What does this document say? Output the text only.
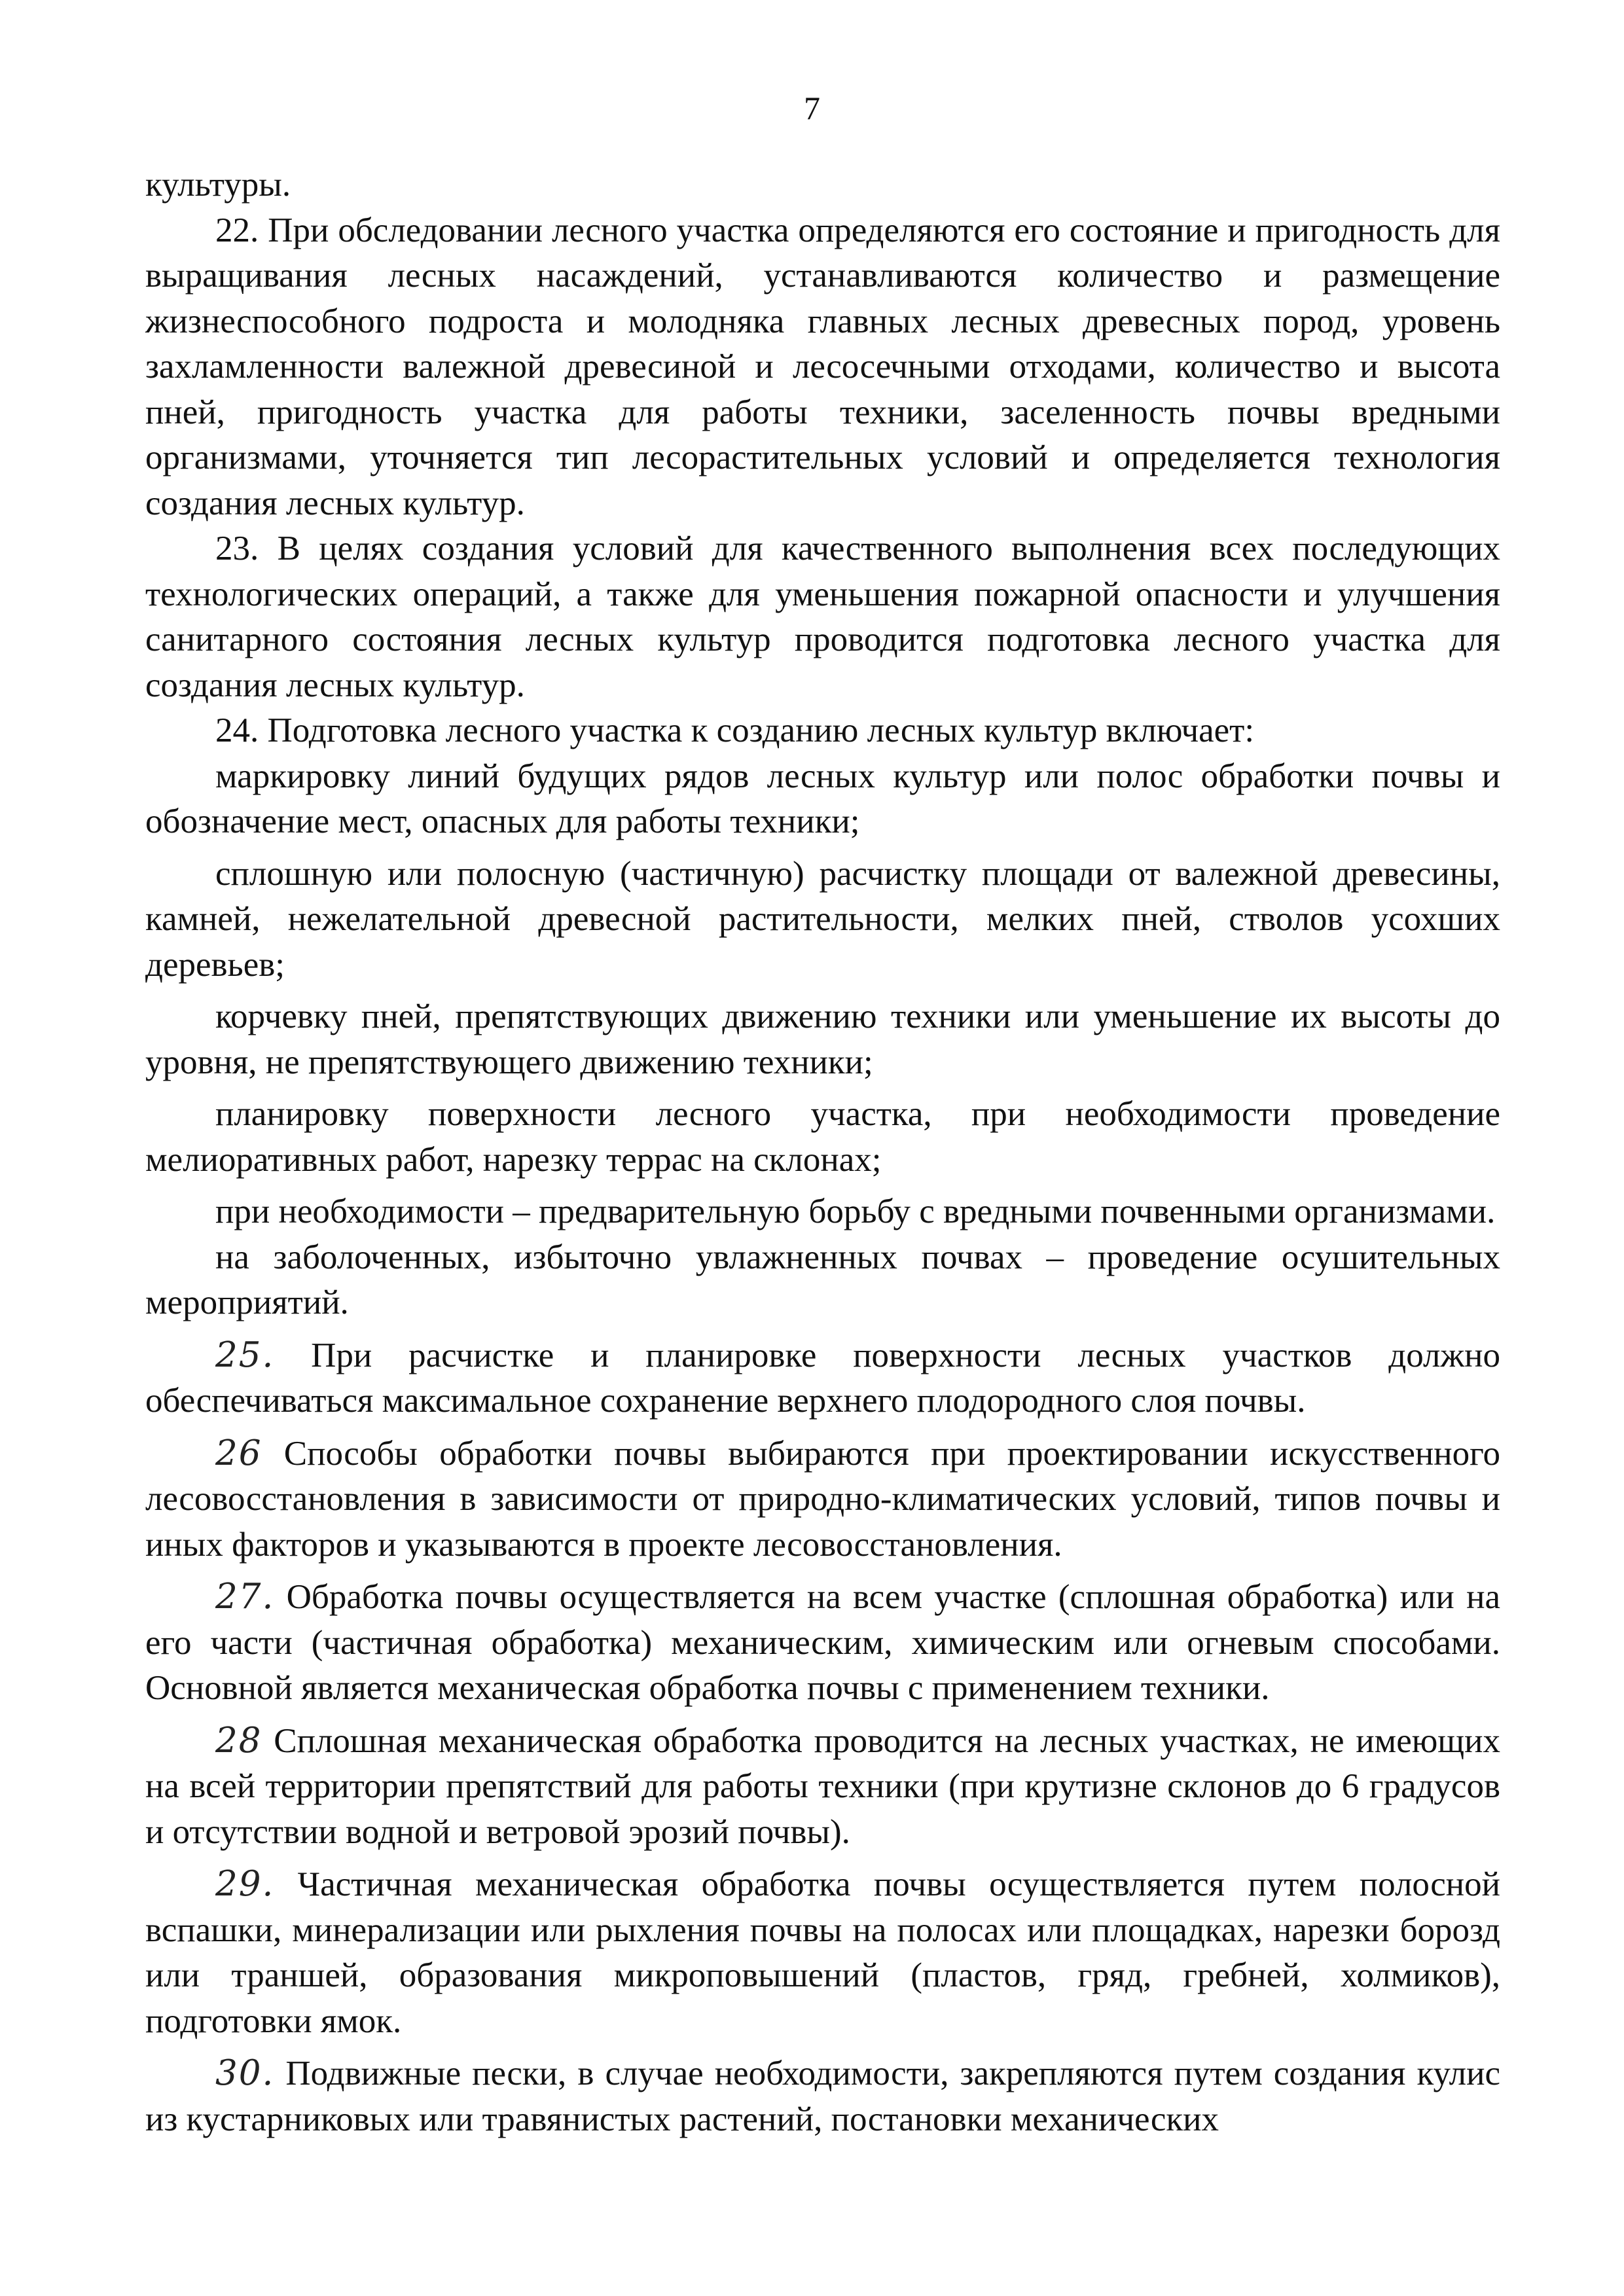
7

культуры.

22. При обследовании лесного участка определяются его состояние и пригодность для выращивания лесных насаждений, устанавливаются количество и размещение жизнеспособного подроста и молодняка главных лесных древесных пород, уровень захламленности валежной древесиной и лесосечными отходами, количество и высота пней, пригодность участка для работы техники, заселенность почвы вредными организмами, уточняется тип лесорастительных условий и определяется технология создания лесных культур.

23. В целях создания условий для качественного выполнения всех последующих технологических операций, а также для уменьшения пожарной опасности и улучшения санитарного состояния лесных культур проводится подготовка лесного участка для создания лесных культур.

24. Подготовка лесного участка к созданию лесных культур включает:

маркировку линий будущих рядов лесных культур или полос обработки почвы и обозначение мест, опасных для работы техники;

сплошную или полосную (частичную) расчистку площади от валежной древесины, камней, нежелательной древесной растительности, мелких пней, стволов усохших деревьев;

корчевку пней, препятствующих движению техники или уменьшение их высоты до уровня, не препятствующего движению техники;

планировку поверхности лесного участка, при необходимости проведение мелиоративных работ, нарезку террас на склонах;

при необходимости – предварительную борьбу с вредными почвенными организмами.

на заболоченных, избыточно увлажненных почвах – проведение осушительных мероприятий.

25. При расчистке и планировке поверхности лесных участков должно обеспечиваться максимальное сохранение верхнего плодородного слоя почвы.

26 Способы обработки почвы выбираются при проектировании искусственного лесовосстановления в зависимости от природно-климатических условий, типов почвы и иных факторов и указываются в проекте лесовосстановления.

27. Обработка почвы осуществляется на всем участке (сплошная обработка) или на его части (частичная обработка) механическим, химическим или огневым способами. Основной является механическая обработка почвы с применением техники.

28 Сплошная механическая обработка проводится на лесных участках, не имеющих на всей территории препятствий для работы техники (при крутизне склонов до 6 градусов и отсутствии водной и ветровой эрозий почвы).

29. Частичная механическая обработка почвы осуществляется путем полосной вспашки, минерализации или рыхления почвы на полосах или площадках, нарезки борозд или траншей, образования микроповышений (пластов, гряд, гребней, холмиков), подготовки ямок.

30. Подвижные пески, в случае необходимости, закрепляются путем создания кулис из кустарниковых или травянистых растений, постановки механических
